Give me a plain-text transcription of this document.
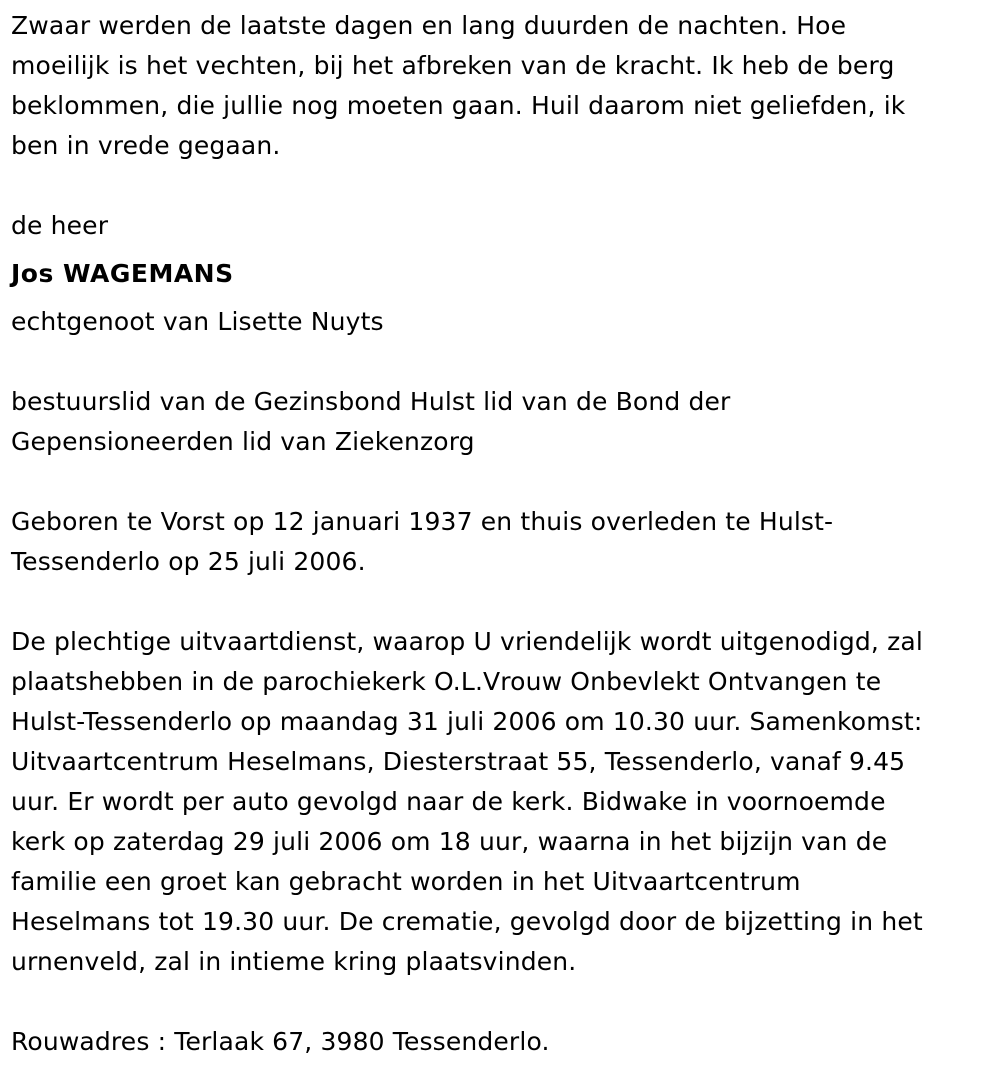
Zwaar werden de laatste dagen en lang duurden de nachten. Hoe

moeilijk is het vechten, bij het afbreken van de kracht. Ik heb de berg

beklommen, die jullie nog moeten gaan. Huil daarom niet geliefden, ik

ben in vrede gegaan.

de heer

Jos WAGEMANS

echtgenoot van Lisette Nuyts

bestuurslid van de Gezinsbond Hulst lid van de Bond der

Gepensioneerden lid van Ziekenzorg

Geboren te Vorst op 12 januari 1937 en thuis overleden te Hulst-

Tessenderlo op 25 juli 2006.

De plechtige uitvaartdienst, waarop U vriendelijk wordt uitgenodigd, zal

plaatshebben in de parochiekerk O.L.Vrouw Onbevlekt Ontvangen te

Hulst-Tessenderlo op maandag 31 juli 2006 om 10.30 uur. Samenkomst:

Uitvaartcentrum Heselmans, Diesterstraat 55, Tessenderlo, vanaf 9.45

uur. Er wordt per auto gevolgd naar de kerk. Bidwake in voornoemde

kerk op zaterdag 29 juli 2006 om 18 uur, waarna in het bijzijn van de

familie een groet kan gebracht worden in het Uitvaartcentrum

Heselmans tot 19.30 uur. De crematie, gevolgd door de bijzetting in het

urnenveld, zal in intieme kring plaatsvinden.

Rouwadres : Terlaak 67, 3980 Tessenderlo.
